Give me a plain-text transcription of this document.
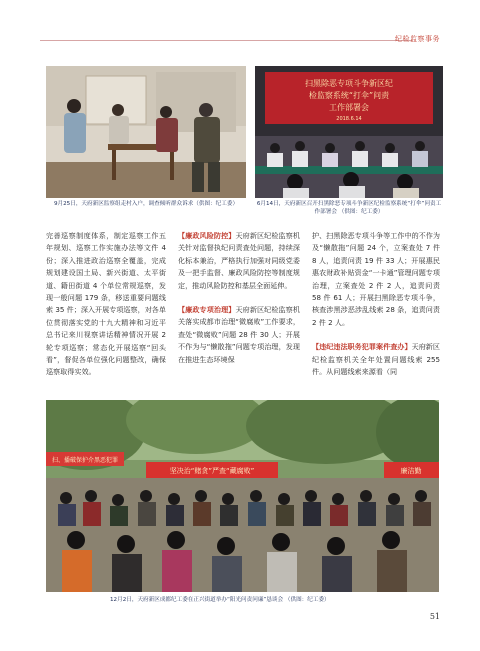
纪检监察事务
9月25日，天府新区监察组走村入户，调查倾听群众诉求（供图：纪工委）
扫黑除恶专项斗争新区纪
检监察系统“打伞”问责
工作部署会
2018.6.14
6月14日，天府新区召开扫黑除恶专项斗争新区纪检监察系统“打伞”问责工作部署会 （供图：纪工委）

完善巡察制度体系，制定巡察工作五年规划、巡察工作实施办法等文件 4 份；深入推进政治巡察全覆盖，完成规划建设国土局、新兴街道、太平街道、籍田街道 4 个单位常规巡察，发现一般问题 179 条，移送重要问题线索 35 件；深入开展专项巡察，对各单位贯彻落实党的十九大精神和习近平总书记来川视察讲话精神情况开展 2 轮专项巡察；常态化开展巡察“回头看”，督促各单位强化问题整改，确保巡察取得实效。

【廉政风险防控】天府新区纪检监察机关针对监督执纪问责查处问题，持续深化标本兼治，严格执行加强对同级党委及一把手监督、廉政风险防控等制度规定，推动风险防控和基层全面延伸。

【廉政专项治理】天府新区纪检监察机关落实成都市治理“微腐败”工作要求，查处“微腐败”问题 28 件 30 人；开展不作为与“懒散拖”问题专项治理，发现在推进生态环境保

护、扫黑除恶专项斗争等工作中的不作为及“懒散拖”问题 24 个，立案查处 7 件 8 人，追责问责 19 件 33 人；开展惠民惠农财政补贴资金“一卡通”管理问题专项治理，立案查处 2 件 2 人，追责问责 58 件 61 人；开展扫黑除恶专项斗争，核查涉黑涉恶涉乱线索 28 条，追责问责 2 件 2 人。

【违纪违法职务犯罪案件查办】天府新区纪检监察机关全年处置问题线索 255 件。从问题线索来源看（同

扫、播破保护介黑恶犯罪
坚决治“赌贪”严查“藏腐败”	廉洁勤
12月2日，天府新区成都纪工委在正兴街道举办“阳光问责问廉”恳谈会 （供图：纪工委）
51
